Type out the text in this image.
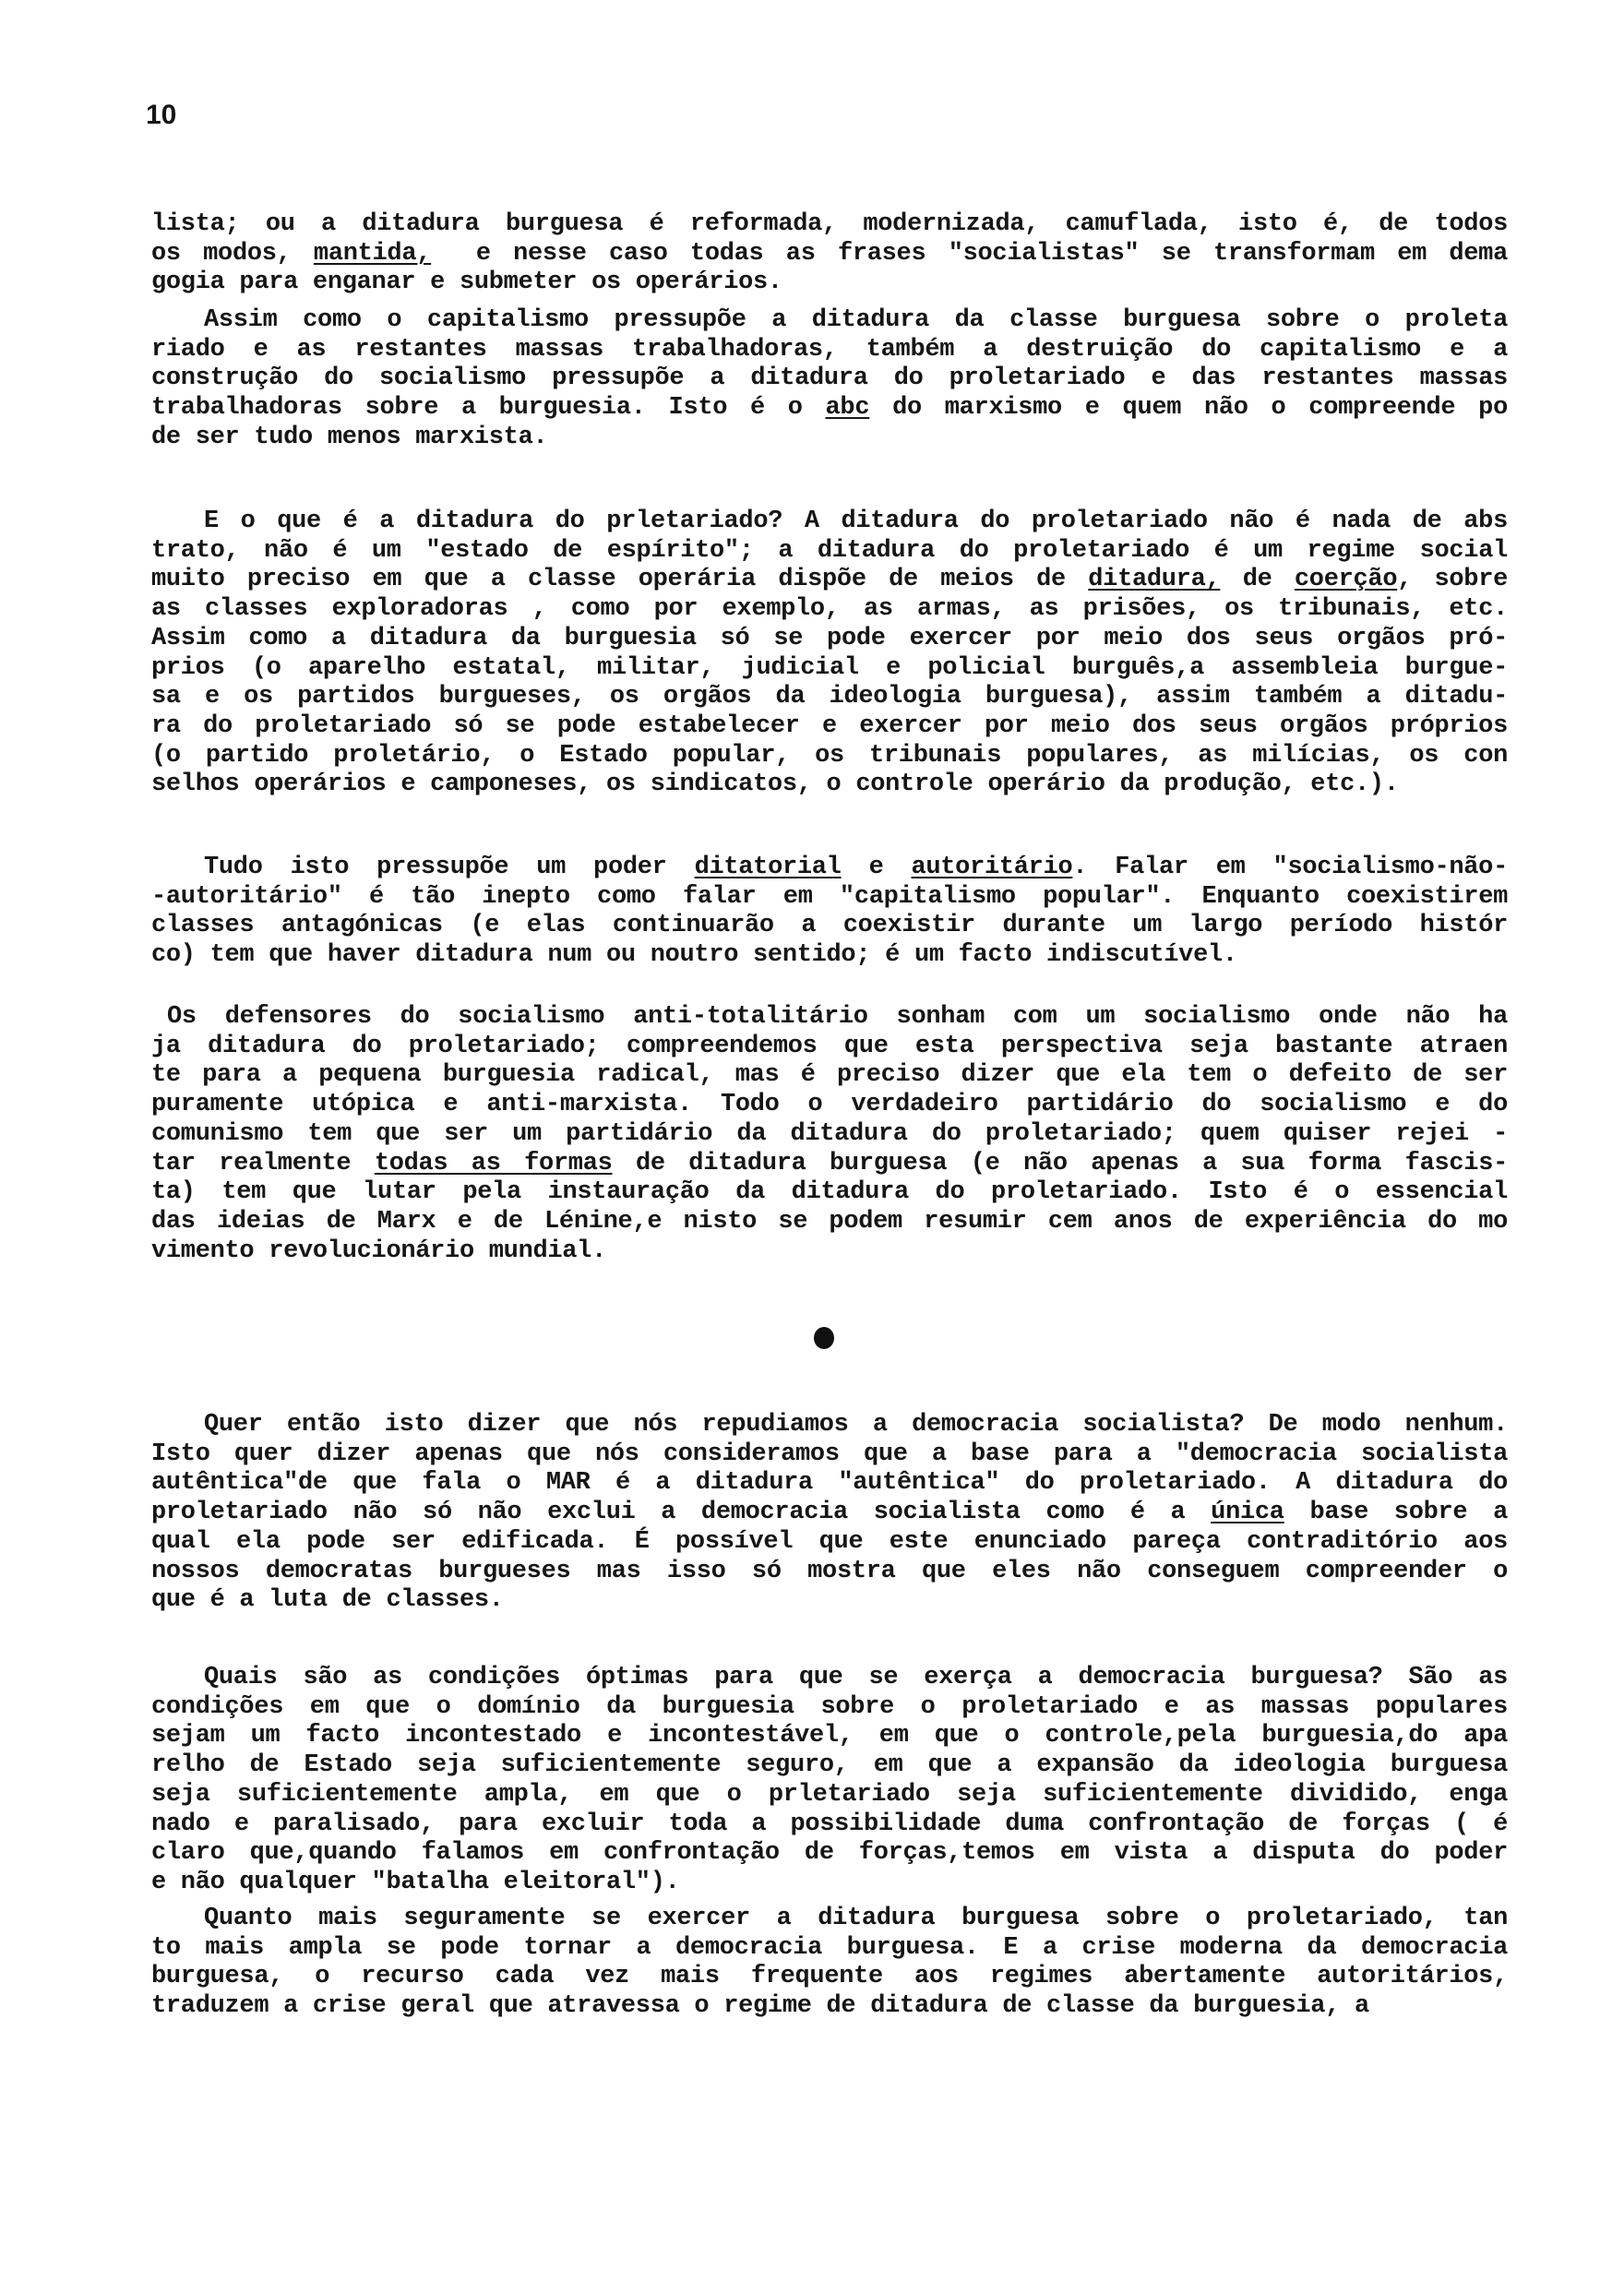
10
lista; ou a ditadura burguesa é reformada, modernizada, camuflada, isto é, de todos
os modos, mantida,  e nesse caso todas as frases "socialistas" se transformam em dema
gogia para enganar e submeter os operários.
Assim como o capitalismo pressupõe a ditadura da classe burguesa sobre o proleta
riado e as restantes massas trabalhadoras, também a destruição do capitalismo e a
construção do socialismo pressupõe a ditadura do proletariado e das restantes massas
trabalhadoras sobre a burguesia. Isto é o abc do marxismo e quem não o compreende po
de ser tudo menos marxista.
E o que é a ditadura do prletariado? A ditadura do proletariado não é nada de abs
trato, não é um "estado de espírito"; a ditadura do proletariado é um regime social
muito preciso em que a classe operária dispõe de meios de ditadura, de coerção, sobre
as classes exploradoras , como por exemplo, as armas, as prisões, os tribunais, etc.
Assim como a ditadura da burguesia só se pode exercer por meio dos seus orgãos pró-
prios (o aparelho estatal, militar, judicial e policial burguês,a assembleia burgue-
sa e os partidos burgueses, os orgãos da ideologia burguesa), assim também a ditadu-
ra do proletariado só se pode estabelecer e exercer por meio dos seus orgãos próprios
(o partido proletário, o Estado popular, os tribunais populares, as milícias, os con
selhos operários e camponeses, os sindicatos, o controle operário da produção, etc.).
Tudo isto pressupõe um poder ditatorial e autoritário. Falar em "socialismo-não-
-autoritário" é tão inepto como falar em "capitalismo popular". Enquanto coexistirem
classes antagónicas (e elas continuarão a coexistir durante um largo período histór
co) tem que haver ditadura num ou noutro sentido; é um facto indiscutível.
Os defensores do socialismo anti-totalitário sonham com um socialismo onde não ha
ja ditadura do proletariado; compreendemos que esta perspectiva seja bastante atraen
te para a pequena burguesia radical, mas é preciso dizer que ela tem o defeito de ser
puramente utópica e anti-marxista. Todo o verdadeiro partidário do socialismo e do
comunismo tem que ser um partidário da ditadura do proletariado; quem quiser rejei -
tar realmente todas as formas de ditadura burguesa (e não apenas a sua forma fascis-
ta) tem que lutar pela instauração da ditadura do proletariado. Isto é o essencial
das ideias de Marx e de Lénine,e nisto se podem resumir cem anos de experiência do mo
vimento revolucionário mundial.
Quer então isto dizer que nós repudiamos a democracia socialista? De modo nenhum.
Isto quer dizer apenas que nós consideramos que a base para a "democracia socialista
autêntica"de que fala o MAR é a ditadura "autêntica" do proletariado. A ditadura do
proletariado não só não exclui a democracia socialista como é a única base sobre a
qual ela pode ser edificada. É possível que este enunciado pareça contraditório aos
nossos democratas burgueses mas isso só mostra que eles não conseguem compreender o
que é a luta de classes.
Quais são as condições óptimas para que se exerça a democracia burguesa? São as
condições em que o domínio da burguesia sobre o proletariado e as massas populares
sejam um facto incontestado e incontestável, em que o controle,pela burguesia,do apa
relho de Estado seja suficientemente seguro, em que a expansão da ideologia burguesa
seja suficientemente ampla, em que o prletariado seja suficientemente dividido, enga
nado e paralisado, para excluir toda a possibilidade duma confrontação de forças ( é
claro que,quando falamos em confrontação de forças,temos em vista a disputa do poder
e não qualquer "batalha eleitoral").
Quanto mais seguramente se exercer a ditadura burguesa sobre o proletariado, tan
to mais ampla se pode tornar a democracia burguesa. E a crise moderna da democracia
burguesa, o recurso cada vez mais frequente aos regimes abertamente autoritários,
traduzem a crise geral que atravessa o regime de ditadura de classe da burguesia, a
